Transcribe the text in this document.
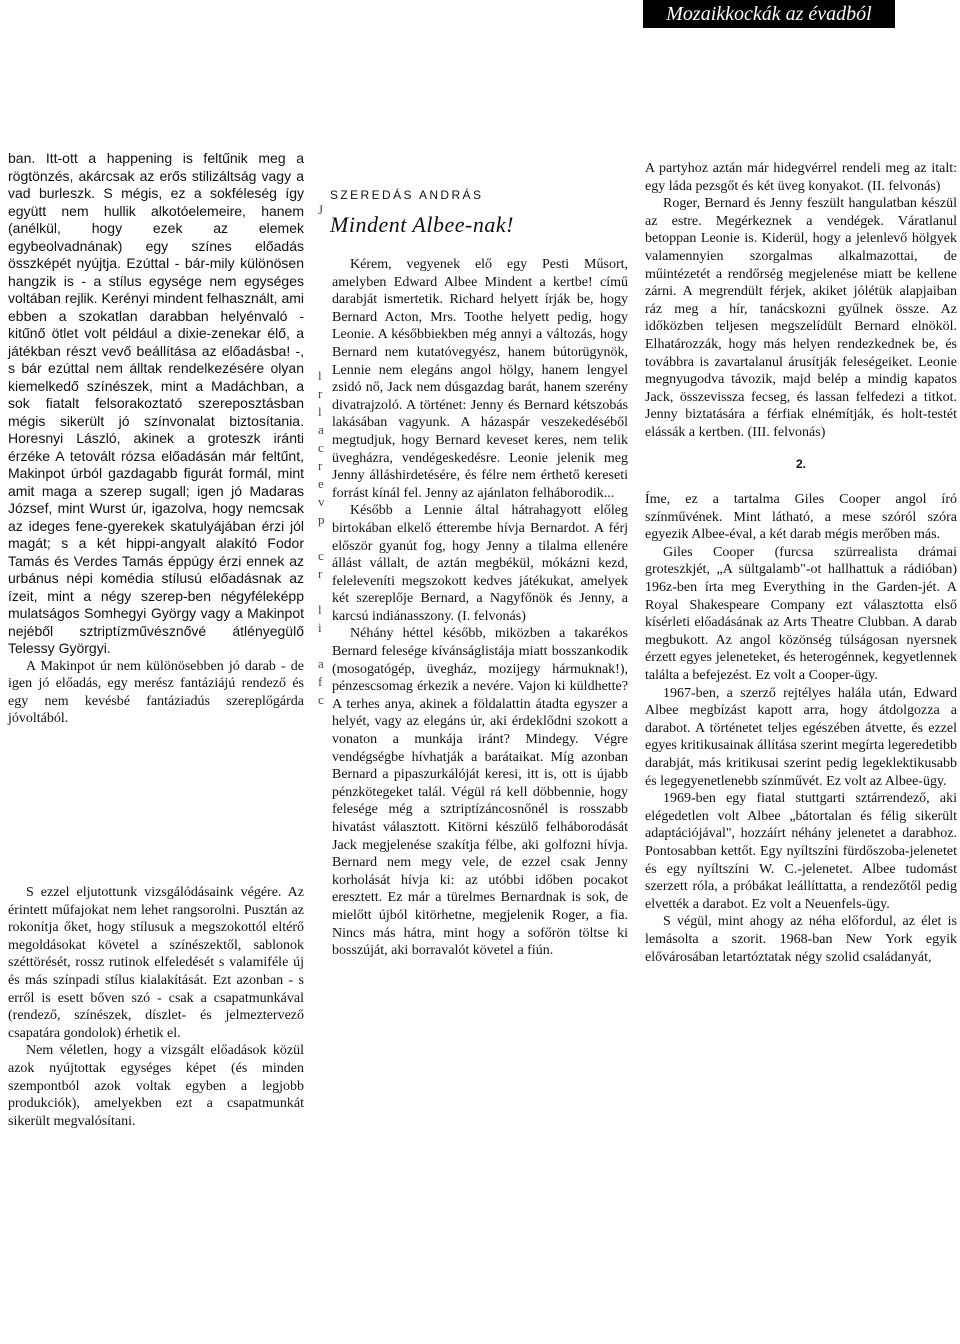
Mozaikkockák az évadból

ban. Itt-ott a happening is feltűnik meg a rögtönzés, akárcsak az erős stilizáltság vagy a vad burleszk. S mégis, ez a sokféleség így együtt nem hullik alkotóelemeire, hanem (anélkül, hogy ezek az elemek egybeolvadnának) egy színes előadás összképét nyújtja. Ezúttal - bár-mily különösen hangzik is - a stílus egysége nem egységes voltában rejlik. Kerényi mindent felhasznált, ami ebben a szokatlan darabban helyénvaló - kitűnő ötlet volt például a dixie-zenekar élő, a játékban részt vevő beállítása az előadásba! -, s bár ezúttal nem álltak rendelkezésére olyan kiemelkedő színészek, mint a Madáchban, a sok fiatalt felsorakoztató szereposztásban mégis sikerült jó színvonalat biztosítania. Horesnyi László, akinek a groteszk iránti érzéke A tetovált rózsa előadásán már feltűnt, Makinpot úrból gazdagabb figurát formál, mint amit maga a szerep sugall; igen jó Madaras József, mint Wurst úr, igazolva, hogy nemcsak az ideges fene-gyerekek skatulyájában érzi jól magát; s a két hippi-angyalt alakító Fodor Tamás és Verdes Tamás éppúgy érzi ennek az urbánus népi komédia stílusú előadásnak az ízeit, mint a négy szerep-ben négyféleképp mulatságos Somhegyi György vagy a Makinpot nejéből sztriptízművésznővé átlényegülő Telessy Györgyi.

A Makinpot úr nem különösebben jó darab - de igen jó előadás, egy merész fantáziájú rendező és egy nem kevésbé fantáziadús szereplőgárda jóvoltából.

S ezzel eljutottunk vizsgálódásaink végére. Az érintett műfajokat nem lehet rangsorolni. Pusztán az rokonítja őket, hogy stílusuk a megszokottól eltérő megoldásokat követel a színészektől, sablonok széttörését, rossz rutinok elfeledését s valamiféle új és más színpadi stílus kialakítását. Ezt azonban - s erről is esett bőven szó - csak a csapatmunkával (rendező, színészek, díszlet- és jelmeztervező csapatára gondolok) érhetik el.

Nem véletlen, hogy a vizsgált előadások közül azok nyújtottak egységes képet (és minden szempontból azok voltak egyben a legjobb produkciók), amelyekben ezt a csapatmunkát sikerült megvalósítani.

SZEREDÁS ANDRÁS
Mindent Albee-nak!

Kérem, vegyenek elő egy Pesti Műsort, amelyben Edward Albee Mindent a kertbe! című darabját ismertetik. Richard helyett írják be, hogy Bernard Acton, Mrs. Toothe helyett pedig, hogy Leonie. A későbbiekben még annyi a változás, hogy Bernard nem kutatóvegyész, hanem bútorügynök, Lennie nem elegáns angol hölgy, hanem lengyel zsidó nő, Jack nem dúsgazdag barát, hanem szerény divatrajzoló. A történet: Jenny és Bernard kétszobás lakásában vagyunk. A házaspár veszekedéséből megtudjuk, hogy Bernard keveset keres, nem telik üvegházra, vendégeskedésre. Leonie jelenik meg Jenny álláshirdetésére, és félre nem érthető kereseti forrást kínál fel. Jenny az ajánlaton felháborodik...

Később a Lennie által hátrahagyott előleg birtokában elkelő étterembe hívja Bernardot. A férj először gyanút fog, hogy Jenny a tilalma ellenére állást vállalt, de aztán megbékül, mókázni kezd, feleleveníti megszokott kedves játékukat, amelyek két szereplője Bernard, a Nagyfőnök és Jenny, a karcsú indiánasszony. (I. felvonás)

Néhány héttel később, miközben a takarékos Bernard felesége kívánságlistája miatt bosszankodik (mosogatógép, üvegház, mozijegy hármuknak!), pénzescsomag érkezik a nevére. Vajon ki küldhette? A terhes anya, akinek a földalattin átadta egyszer a helyét, vagy az elegáns úr, aki érdeklődni szokott a vonaton a munkája iránt? Mindegy. Végre vendégségbe hívhatják a barátaikat. Míg azonban Bernard a pipaszurkálóját keresi, itt is, ott is újabb pénzkötegeket talál. Végül rá kell döbbennie, hogy felesége még a sztriptízáncosnőnél is rosszabb hivatást választott. Kitörni készülő felháborodását Jack megjelenése szakítja félbe, aki golfozni hívja. Bernard nem megy vele, de ezzel csak Jenny korholását hívja ki: az utóbbi időben pocakot eresztett. Ez már a türelmes Bernardnak is sok, de mielőtt újból kitörhetne, megjelenik Roger, a fia. Nincs más hátra, mint hogy a sofőrön töltse ki bosszúját, aki borravalót követel a fiún.

J
l
r
l
a
c
r
e
v
p
c
r
l
i
a
f
c

A partyhoz aztán már hidegvérrel rendeli meg az italt: egy láda pezsgőt és két üveg konyakot. (II. felvonás)

Roger, Bernard és Jenny feszült hangulatban készül az estre. Megérkeznek a vendégek. Váratlanul betoppan Leonie is. Kiderül, hogy a jelenlevő hölgyek valamennyien szorgalmas alkalmazottai, de műintézetét a rendőrség megjelenése miatt be kellene zárni. A megrendült férjek, akiket jólétük alapjaiban ráz meg a hír, tanácskozni gyűlnek össze. Az időközben teljesen megszelídült Bernard elnököl. Elhatározzák, hogy más helyen rendezkednek be, és továbbra is zavartalanul árusítják feleségeiket. Leonie megnyugodva távozik, majd belép a mindig kapatos Jack, összevissza fecseg, és lassan felfedezi a titkot. Jenny biztatására a férfiak elnémítják, és holt-testét elássák a kertben. (III. felvonás)

2.

Íme, ez a tartalma Giles Cooper angol író színművének. Mint látható, a mese szóról szóra egyezik Albee-éval, a két darab mégis merőben más.

Giles Cooper (furcsa szürrealista drámai groteszkjét, „A sültgalamb"-ot hallhattuk a rádióban) 196z-ben írta meg Everything in the Garden-jét. A Royal Shakespeare Company ezt választotta első kísérleti előadásának az Arts Theatre Clubban. A darab megbukott. Az angol közönség túlságosan nyersnek érzett egyes jeleneteket, és heterogénnek, kegyetlennek találta a befejezést. Ez volt a Cooper-ügy.

1967-ben, a szerző rejtélyes halála után, Edward Albee megbízást kapott arra, hogy átdolgozza a darabot. A történetet teljes egészében átvette, és ezzel egyes kritikusainak állítása szerint megírta legeredetibb darabját, más kritikusai szerint pedig legeklektikusabb és legegyenetlenebb színművét. Ez volt az Albee-ügy.

1969-ben egy fiatal stuttgarti sztárrendező, aki elégedetlen volt Albee „bátortalan és félig sikerült adaptációjával", hozzáírt néhány jelenetet a darabhoz. Pontosabban kettőt. Egy nyíltszíni fürdőszoba-jelenetet és egy nyíltszíni W. C.-jelenetet. Albee tudomást szerzett róla, a próbákat leállíttatta, a rendezőtől pedig elvették a darabot. Ez volt a Neuenfels-ügy.

S végül, mint ahogy az néha előfordul, az élet is lemásolta a szorit. 1968-ban New York egyik elővárosában letartóztatak négy szolid családanyát,
